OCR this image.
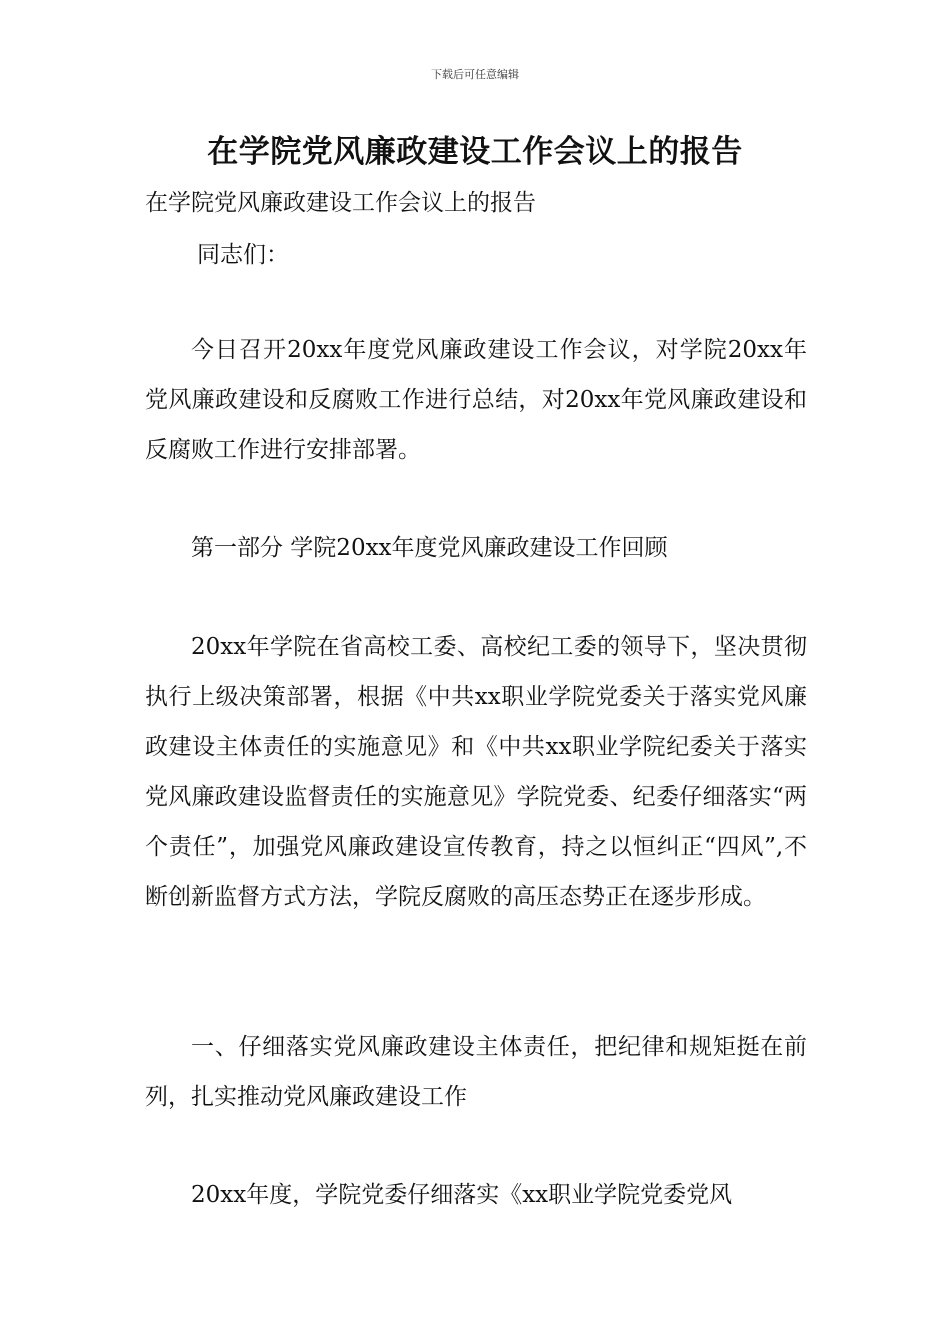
下载后可任意编辑
在学院党风廉政建设工作会议上的报告
在学院党风廉政建设工作会议上的报告
同志们：

今日召开20xx年度党风廉政建设工作会议，对学院20xx年党风廉政建设和反腐败工作进行总结，对20xx年党风廉政建设和反腐败工作进行安排部署。

第一部分 学院20xx年度党风廉政建设工作回顾

20xx年学院在省高校工委、高校纪工委的领导下，坚决贯彻执行上级决策部署，根据《中共xx职业学院党委关于落实党风廉政建设主体责任的实施意见》和《中共xx职业学院纪委关于落实党风廉政建设监督责任的实施意见》学院党委、纪委仔细落实“两个责任”，加强党风廉政建设宣传教育，持之以恒纠正“四风”,不断创新监督方式方法，学院反腐败的高压态势正在逐步形成。

一、仔细落实党风廉政建设主体责任，把纪律和规矩挺在前列，扎实推动党风廉政建设工作

20xx年度，学院党委仔细落实《xx职业学院党委党风
